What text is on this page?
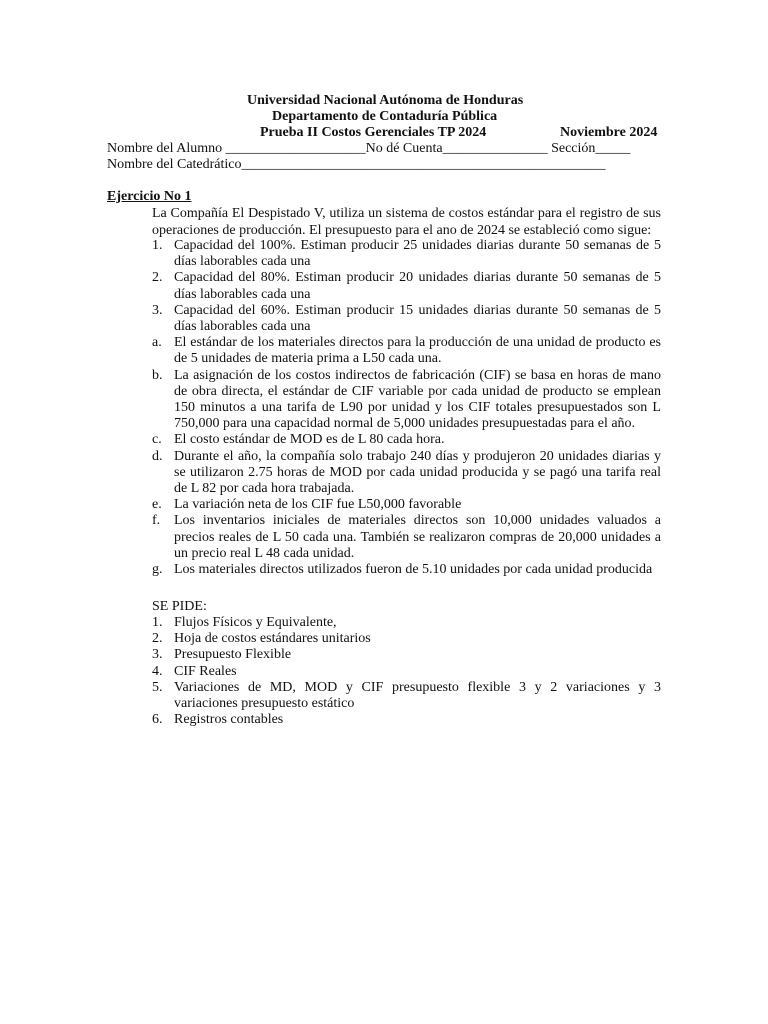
Universidad Nacional Autónoma de Honduras
Departamento de Contaduría Pública
Prueba II Costos Gerenciales TP 2024	Noviembre 2024
Nombre del Alumno ____________________No dé Cuenta_______________ Sección_____
Nombre del Catedrático____________________________________________________
Ejercicio No 1

La Compañía El Despistado V, utiliza un sistema de costos estándar para el registro de sus operaciones de producción. El presupuesto para el ano de 2024 se estableció como sigue:

1. Capacidad del 100%. Estiman producir 25 unidades diarias durante 50 semanas de 5 días laborables cada una
2. Capacidad del 80%. Estiman producir 20 unidades diarias durante 50 semanas de 5 días laborables cada una
3. Capacidad del 60%. Estiman producir 15 unidades diarias durante 50 semanas de 5 días laborables cada una
a. El estándar de los materiales directos para la producción de una unidad de producto es de 5 unidades de materia prima a L50 cada una.
b. La asignación de los costos indirectos de fabricación (CIF) se basa en horas de mano de obra directa, el estándar de CIF variable por cada unidad de producto se emplean 150 minutos a una tarifa de L90 por unidad y los CIF totales presupuestados son L 750,000 para una capacidad normal de 5,000 unidades presupuestadas para el año.
c. El costo estándar de MOD es de L 80 cada hora.
d. Durante el año, la compañía solo trabajo 240 días y produjeron 20 unidades diarias y se utilizaron 2.75 horas de MOD por cada unidad producida y se pagó una tarifa real de L 82 por cada hora trabajada.
e. La variación neta de los CIF fue L50,000 favorable
f. Los inventarios iniciales de materiales directos son 10,000 unidades valuados a precios reales de L 50 cada una. También se realizaron compras de 20,000 unidades a un precio real L 48 cada unidad.
g. Los materiales directos utilizados fueron de 5.10 unidades por cada unidad producida
SE PIDE:
1. Flujos Físicos y Equivalente,
2. Hoja de costos estándares unitarios
3. Presupuesto Flexible
4. CIF Reales
5. Variaciones de MD, MOD y CIF presupuesto flexible 3 y 2 variaciones y 3 variaciones presupuesto estático
6. Registros contables
